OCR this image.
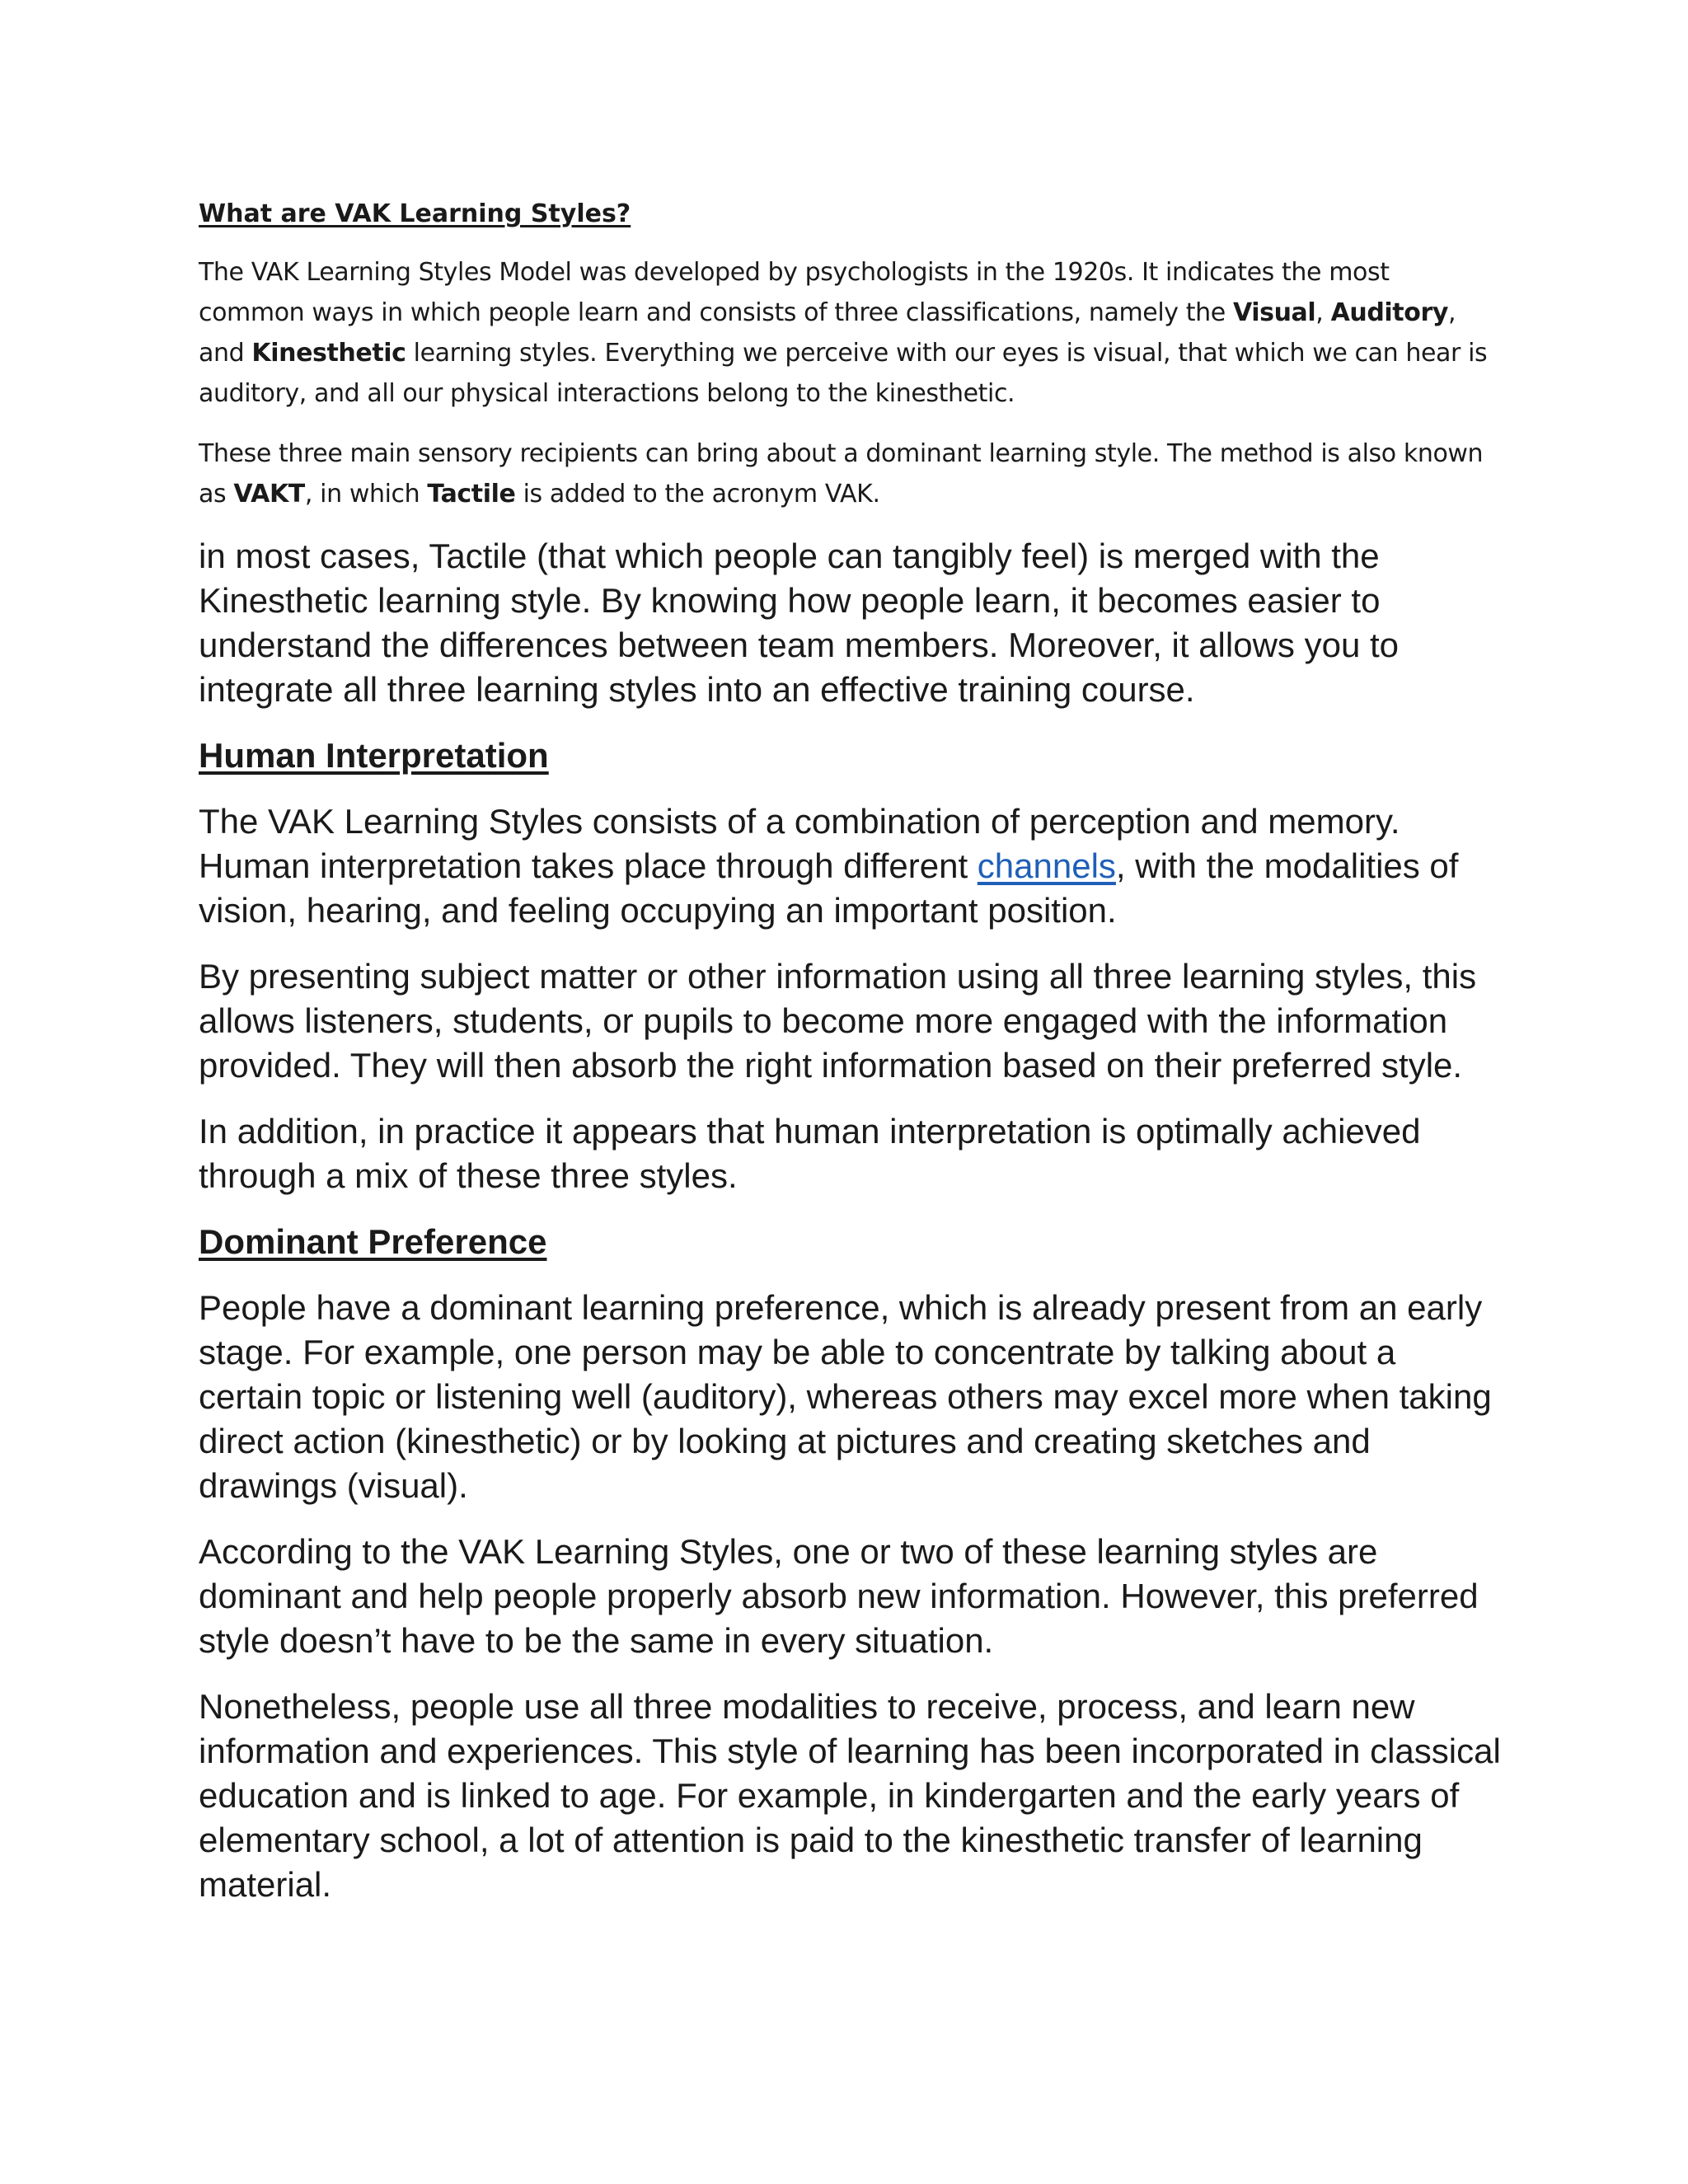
What are VAK Learning Styles?

The VAK Learning Styles Model was developed by psychologists in the 1920s. It indicates the most common ways in which people learn and consists of three classifications, namely the Visual, Auditory, and Kinesthetic learning styles. Everything we perceive with our eyes is visual, that which we can hear is auditory, and all our physical interactions belong to the kinesthetic.

These three main sensory recipients can bring about a dominant learning style. The method is also known as VAKT, in which Tactile is added to the acronym VAK.

in most cases, Tactile (that which people can tangibly feel) is merged with the Kinesthetic learning style. By knowing how people learn, it becomes easier to understand the differences between team members. Moreover, it allows you to integrate all three learning styles into an effective training course.

Human Interpretation

The VAK Learning Styles consists of a combination of perception and memory. Human interpretation takes place through different channels, with the modalities of vision, hearing, and feeling occupying an important position.

By presenting subject matter or other information using all three learning styles, this allows listeners, students, or pupils to become more engaged with the information provided. They will then absorb the right information based on their preferred style.

In addition, in practice it appears that human interpretation is optimally achieved through a mix of these three styles.

Dominant Preference

People have a dominant learning preference, which is already present from an early stage. For example, one person may be able to concentrate by talking about a certain topic or listening well (auditory), whereas others may excel more when taking direct action (kinesthetic) or by looking at pictures and creating sketches and drawings (visual).

According to the VAK Learning Styles, one or two of these learning styles are dominant and help people properly absorb new information. However, this preferred style doesn’t have to be the same in every situation.

Nonetheless, people use all three modalities to receive, process, and learn new information and experiences. This style of learning has been incorporated in classical education and is linked to age. For example, in kindergarten and the early years of elementary school, a lot of attention is paid to the kinesthetic transfer of learning material.
